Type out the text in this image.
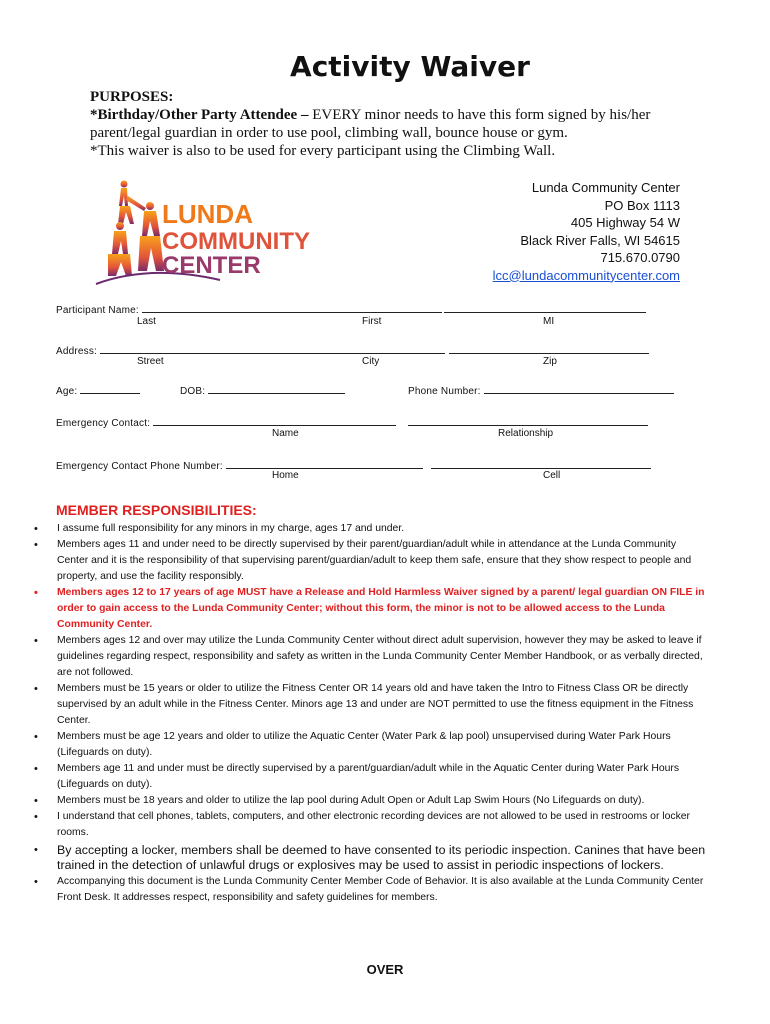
Activity Waiver
PURPOSES:
*Birthday/Other Party Attendee – EVERY minor needs to have this form signed by his/her parent/legal guardian in order to use pool, climbing wall, bounce house or gym.
*This waiver is also to be used for every participant using the Climbing Wall.
LUNDA
COMMUNITY
CENTER
Lunda Community Center
PO Box 1113
405 Highway 54 W
Black River Falls, WI 54615
715.670.0790
lcc@lundacommunitycenter.com
Participant Name:
Last	First	MI
Address:
Street	City	Zip
Age:	DOB:	Phone Number:
Emergency Contact:
Name	Relationship
Emergency Contact Phone Number:
Home	Cell
MEMBER RESPONSIBILITIES:
• I assume full responsibility for any minors in my charge, ages 17 and under.
• Members ages 11 and under need to be directly supervised by their parent/guardian/adult while in attendance at the Lunda Community Center and it is the responsibility of that supervising parent/guardian/adult to keep them safe, ensure that they show respect to people and property, and use the facility responsibly.
• Members ages 12 to 17 years of age MUST have a Release and Hold Harmless Waiver signed by a parent/ legal guardian ON FILE in order to gain access to the Lunda Community Center; without this form, the minor is not to be allowed access to the Lunda Community Center.
• Members ages 12 and over may utilize the Lunda Community Center without direct adult supervision, however they may be asked to leave if guidelines regarding respect, responsibility and safety as written in the Lunda Community Center Member Handbook, or as verbally directed, are not followed.
• Members must be 15 years or older to utilize the Fitness Center OR 14 years old and have taken the Intro to Fitness Class OR be directly supervised by an adult while in the Fitness Center. Minors age 13 and under are NOT permitted to use the fitness equipment in the Fitness Center.
• Members must be age 12 years and older to utilize the Aquatic Center (Water Park & lap pool) unsupervised during Water Park Hours (Lifeguards on duty).
• Members age 11 and under must be directly supervised by a parent/guardian/adult while in the Aquatic Center during Water Park Hours (Lifeguards on duty).
• Members must be 18 years and older to utilize the lap pool during Adult Open or Adult Lap Swim Hours (No Lifeguards on duty).
• I understand that cell phones, tablets, computers, and other electronic recording devices are not allowed to be used in restrooms or locker rooms.
• By accepting a locker, members shall be deemed to have consented to its periodic inspection. Canines that have been trained in the detection of unlawful drugs or explosives may be used to assist in periodic inspections of lockers.
• Accompanying this document is the Lunda Community Center Member Code of Behavior. It is also available at the Lunda Community Center Front Desk. It addresses respect, responsibility and safety guidelines for members.
OVER
